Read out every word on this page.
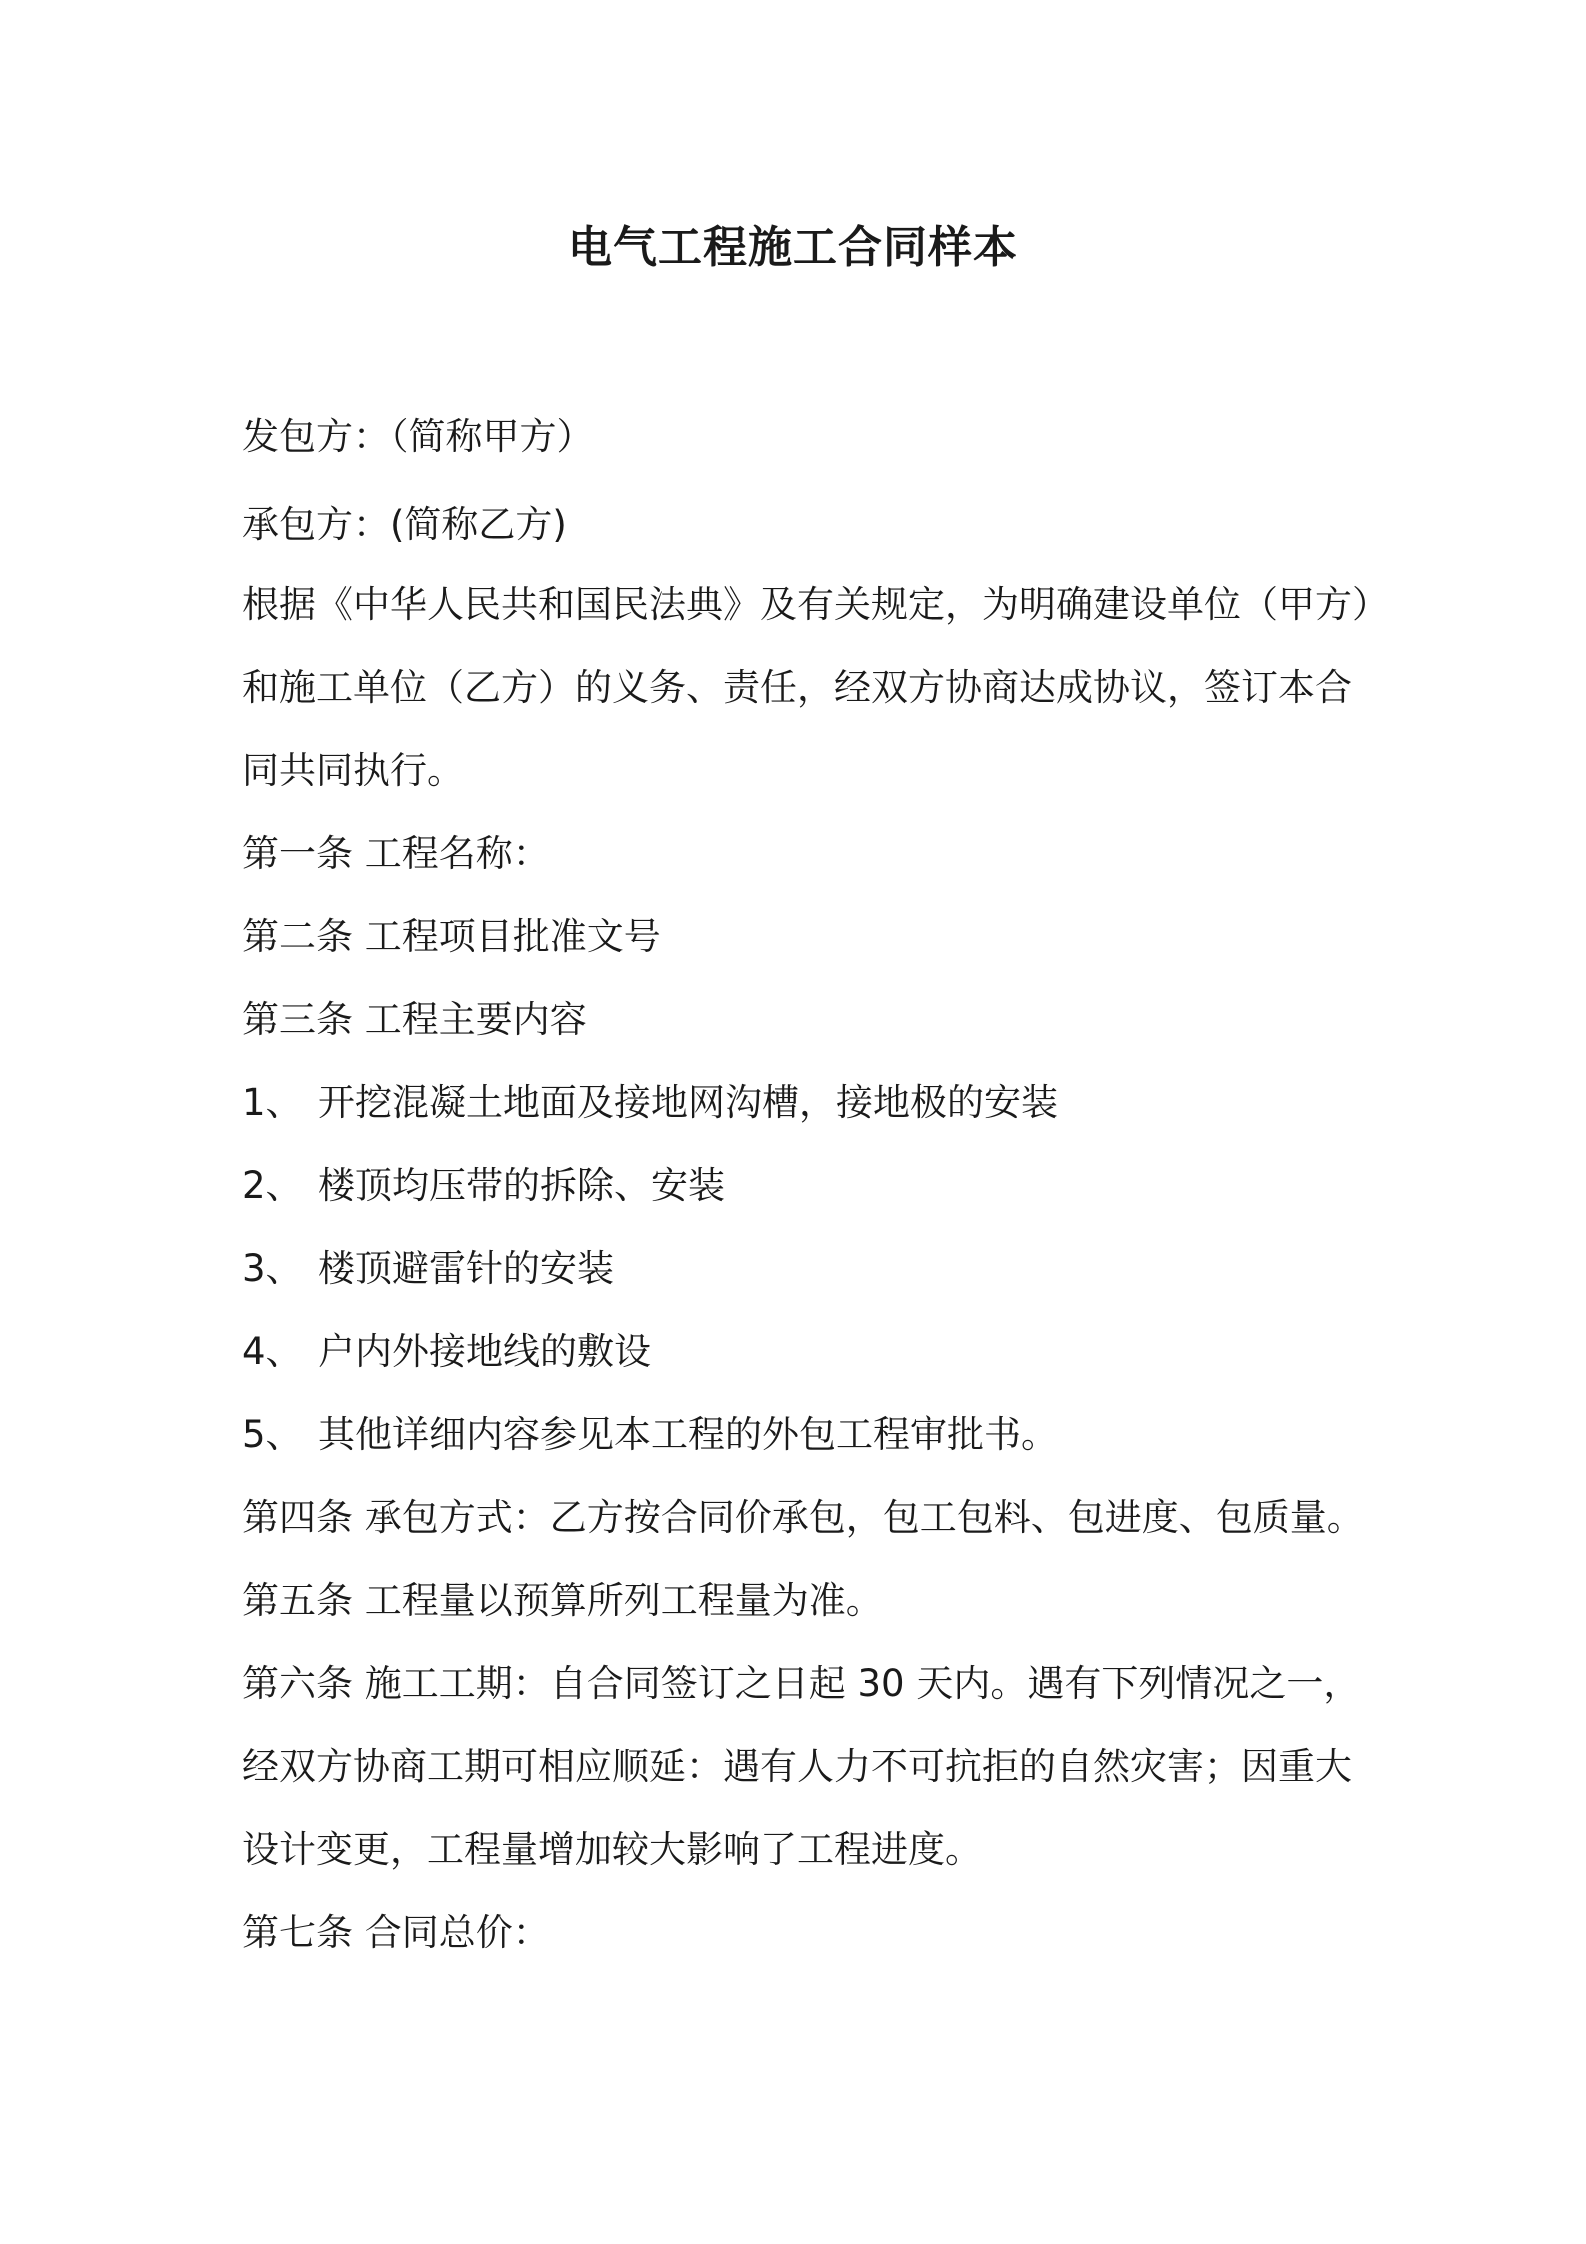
电气工程施工合同样本

发包方：（简称甲方）

承包方：(简称乙方)

根据《中华人民共和国民法典》及有关规定，为明确建设单位（甲方）

和施工单位（乙方）的义务、责任，经双方协商达成协议，签订本合

同共同执行。

第一条 工程名称：

第二条 工程项目批准文号

第三条 工程主要内容

1、 开挖混凝土地面及接地网沟槽，接地极的安装

2、 楼顶均压带的拆除、安装

3、 楼顶避雷针的安装

4、 户内外接地线的敷设

5、 其他详细内容参见本工程的外包工程审批书。

第四条 承包方式：乙方按合同价承包，包工包料、包进度、包质量。

第五条 工程量以预算所列工程量为准。

第六条 施工工期：自合同签订之日起 30 天内。遇有下列情况之一，

经双方协商工期可相应顺延：遇有人力不可抗拒的自然灾害；因重大

设计变更，工程量增加较大影响了工程进度。

第七条 合同总价：
